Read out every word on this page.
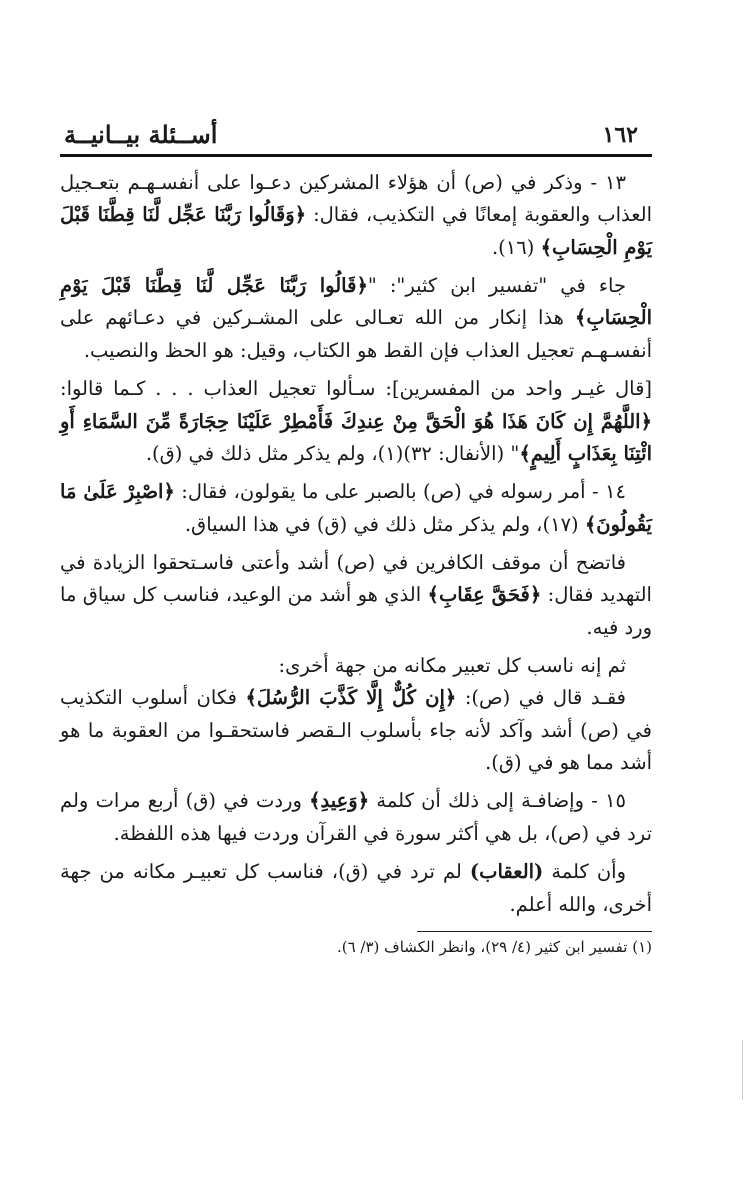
١٦٢
أســئلة بيــانيــة

١٣ - وذكر في (ص) أن هؤلاء المشركين دعـوا على أنفسـهـم بتعـجيل العذاب والعقوبة إمعانًا في التكذيب، فقال: ﴿وَقَالُوا رَبَّنَا عَجِّل لَّنَا قِطَّنَا قَبْلَ يَوْمِ الْحِسَابِ﴾ (١٦).

جاء في "تفسير ابن كثير": "﴿قَالُوا رَبَّنَا عَجِّل لَّنَا قِطَّنَا قَبْلَ يَوْمِ الْحِسَابِ﴾ هذا إنكار من الله تعـالى على المشـركين في دعـائهم على أنفسـهـم تعجيل العذاب فإن القط هو الكتاب، وقيل: هو الحظ والنصيب.

[قال غيـر واحد من المفسرين]: سـألوا تعجيل العذاب . . . كـما قالوا: ﴿اللَّهُمَّ إِن كَانَ هَذَا هُوَ الْحَقَّ مِنْ عِندِكَ فَأَمْطِرْ عَلَيْنَا حِجَارَةً مِّنَ السَّمَاءِ أَوِ ائْتِنَا بِعَذَابٍ أَلِيمٍ﴾" (الأنفال: ٣٢)(١)، ولم يذكر مثل ذلك في (ق).

١٤ - أمر رسوله في (ص) بالصبر على ما يقولون، فقال: ﴿اصْبِرْ عَلَىٰ مَا يَقُولُونَ﴾ (١٧)، ولم يذكر مثل ذلك في (ق) في هذا السياق.

فاتضح أن موقف الكافرين في (ص) أشد وأعتى فاسـتحقوا الزيادة في التهديد فقال: ﴿فَحَقَّ عِقَابِ﴾ الذي هو أشد من الوعيد، فناسب كل سياق ما ورد فيه.

ثم إنه ناسب كل تعبير مكانه من جهة أخرى:

فقـد قال في (ص): ﴿إِن كُلٌّ إِلَّا كَذَّبَ الرُّسُلَ﴾ فكان أسلوب التكذيب في (ص) أشد وآكد لأنه جاء بأسلوب الـقصر فاستحقـوا من العقوبة ما هو أشد مما هو في (ق).

١٥ - وإضافـة إلى ذلك أن كلمة ﴿وَعِيدِ﴾ وردت في (ق) أربع مرات ولم ترد في (ص)، بل هي أكثر سورة في القرآن وردت فيها هذه اللفظة.

وأن كلمة (العقاب) لم ترد في (ق)، فناسب كل تعبيـر مكانه من جهة أخرى، والله أعلم.

(١) تفسير ابن كثير (٤/ ٢٩)، وانظر الكشاف (٣/ ٦).
